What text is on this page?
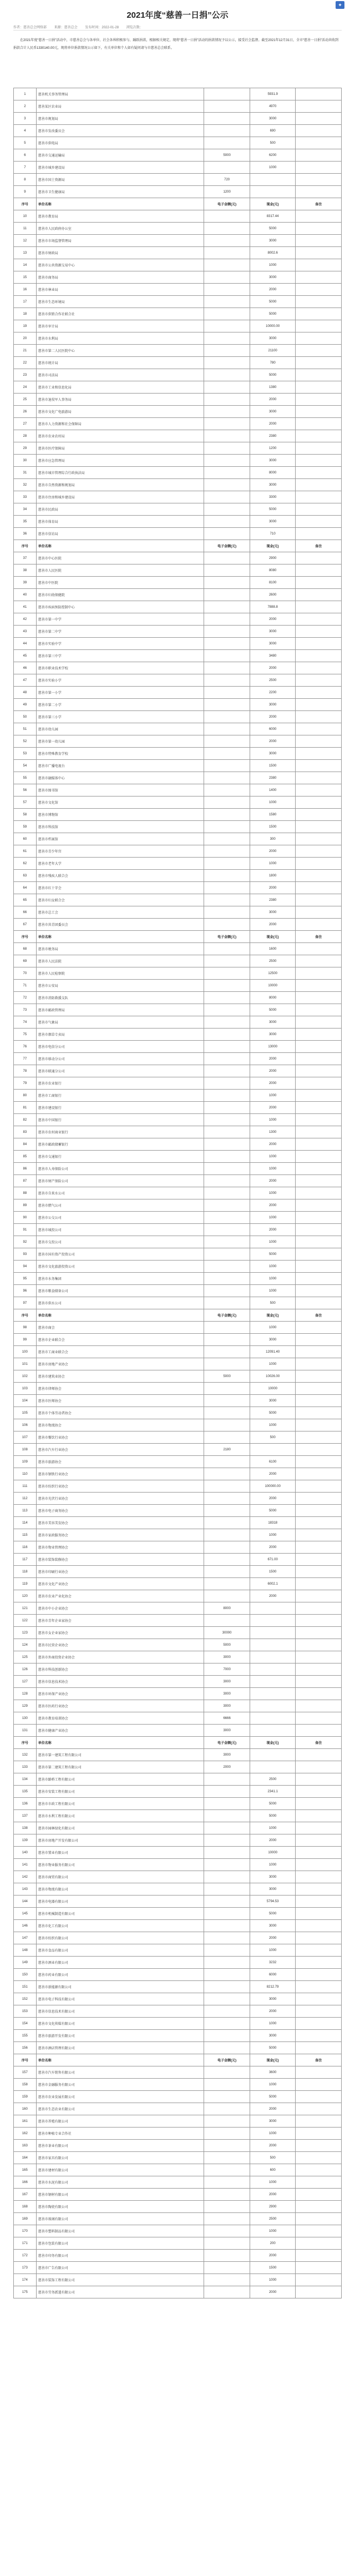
✦
2021年度“慈善一日捐”公示
作者：慈善总会网络部 来源：慈善总会 发布时间：2022-01-28 浏览次数：
在2021年度“慈善一日捐”活动中，市慈善总会与各单位、社会各界积极参与、踊跃捐款，根据相关规定，现将“慈善一日捐”活动的捐款情况予以公示，接受社会监督。截至2021年12月31日，全市“慈善一日捐”活动共收到捐款合计人民币1330140.00元，现将单位捐款情况公示如下，有关单位和个人如有疑问请与市慈善总会联系。
1	慈善机关事务管理局		5931.9	
2	慈善某区农业局		4970	
3	慈善市规划局		3000	
4	慈善市发改委员会		690	
5	慈善市供电局		500	
6	慈善市交通运输局	5000	6200	
7	慈善市城乡建设局		1000	
8	慈善市国土资源局	720		
9	慈善市卫生健康局	1200		
序号	单位名称	电子金额(元)	现金(元)	备注
10	慈善市教育局		8317.44	
11	慈善市人民政府办公室		5000	
12	慈善市市场监督管理局		3000	
13	慈善市财政局		8002.6	
14	慈善市公共资源交易中心		1000	
15	慈善市商务局		3000	
16	慈善市林业局		2000	
17	慈善市生态环境局		5000	
18	慈善市供销合作社联合社		5000	
19	慈善市审计局		10000.00	
20	慈善市水利局		3000	
21	慈善市第二人民医院中心		21100	
22	慈善市统计局		780	
23	慈善市司法局		5000	
24	慈善市工业和信息化局		1380	
25	慈善市退役军人事务局		2000	
26	慈善市文化广电旅游局		3000	
27	慈善市人力资源和社会保障局		2000	
28	慈善市农业农村局		2380	
29	慈善市医疗保障局		1200	
30	慈善市应急管理局		3000	
31	慈善市城市管理综合行政执法局		8000	
32	慈善市自然资源和规划局		3000	
33	慈善市住房和城乡建设局		3300	
34	慈善市民政局		5000	
35	慈善市体育局		3000	
36	慈善市信访局		710	
序号	单位名称	电子金额(元)	现金(元)	备注
37	慈善市中心医院		2900	
38	慈善市人民医院		8080	
39	慈善市中医院		8100	
40	慈善市妇幼保健院		2600	
41	慈善市疾病预防控制中心		7888.8	
42	慈善市第一中学		2000	
43	慈善市第二中学		3000	
44	慈善市实验中学		3000	
45	慈善市第三中学		3480	
46	慈善市职业技术学校		2000	
47	慈善市实验小学		2500	
48	慈善市第一小学		2200	
49	慈善市第二小学		3000	
50	慈善市第三小学		2000	
51	慈善市幼儿园		6000	
52	慈善市第一幼儿园		2000	
53	慈善市特殊教育学校		3000	
54	慈善市广播电视台		1500	
55	慈善市融媒体中心		2380	
56	慈善市图书馆		1400	
57	慈善市文化馆		1000	
58	慈善市博物馆		1580	
59	慈善市科技馆		1500	
60	慈善市档案馆		300	
61	慈善市青少年宫		2000	
62	慈善市老年大学		1000	
63	慈善市残疾人联合会		1800	
64	慈善市红十字会		2000	
65	慈善市妇女联合会		2380	
66	慈善市总工会		3000	
67	慈善市共青团委员会		2000	
序号	单位名称	电子金额(元)	现金(元)	备注
68	慈善市税务局		1600	
69	慈善市人民法院		2500	
70	慈善市人民检察院		12500	
71	慈善市公安局		10000	
72	慈善市消防救援支队		8000	
73	慈善市邮政管理局		5000	
74	慈善市气象局		3000	
75	慈善市烟草专卖局		3000	
76	慈善市电信分公司		13000	
77	慈善市移动分公司		2000	
78	慈善市联通分公司		2000	
79	慈善市农业银行		2000	
80	慈善市工商银行		1000	
81	慈善市建设银行		2000	
82	慈善市中国银行		1000	
83	慈善市农村商业银行		1300	
84	慈善市邮政储蓄银行		2000	
85	慈善市交通银行		1000	
86	慈善市人寿保险公司		1000	
87	慈善市财产保险公司		2000	
88	慈善市自来水公司		1000	
89	慈善市燃气公司		2000	
90	慈善市公交公司		1000	
91	慈善市城投公司		2000	
92	慈善市交投公司		1000	
93	慈善市国有资产投资公司		5000	
94	慈善市文化旅游投资公司		1000	
95	慈善市水务集团		1000	
96	慈善市粮食储备公司		1000	
97	慈善市供水公司		500	
序号	单位名称	电子金额(元)	现金(元)	备注
98	慈善市商会		1000	
99	慈善市企业联合会		3000	
100	慈善市工商业联合会		12091.40	
101	慈善市房地产业协会		1000	
102	慈善市建筑业协会	5000	10026.00	
103	慈善市律师协会		10000	
104	慈善市医师协会		3000	
105	慈善市个体劳动者协会		5000	
106	慈善市物流协会		1000	
107	慈善市餐饮行业协会		500	
108	慈善市汽车行业协会	2180		
109	慈善市旅游协会		6100	
110	慈善市钢铁行业协会		2000	
111	慈善市纺织行业协会		100000.00	
112	慈善市光伏行业协会		2000	
113	慈善市电子商务协会		5000	
114	慈善市美容美发协会		18318	
115	慈善市家政服务协会		1000	
116	慈善市物业管理协会		2000	
117	慈善市装饰装修协会		671.00	
118	慈善市印刷行业协会		1500	
119	慈善市文化产业协会		6002.1	
120	慈善市农业产业化协会		2000	
121	慈善市中小企业协会	8000		
122	慈善市青年企业家协会			
123	慈善市女企业家协会	30000		
124	慈善市民营企业协会	5000		
125	慈善市外商投资企业协会	3000		
126	慈善市科技创新协会	7000		
127	慈善市信息技术协会	3000		
128	慈善市环保产业协会	3000		
129	慈善市医药行业协会	3000		
130	慈善市教育培训协会	6666		
131	慈善市健康产业协会	3000		
序号	单位名称	电子金额(元)	现金(元)	备注
132	慈善市第一建筑工程有限公司	3000		
133	慈善市第二建筑工程有限公司	2000		
134	慈善市路桥工程有限公司		2500	
135	慈善市安装工程有限公司		2341.1	
136	慈善市市政工程有限公司		5000	
137	慈善市水利工程有限公司		5000	
138	慈善市园林绿化有限公司		1000	
139	慈善市房地产开发有限公司		2000	
140	慈善市置业有限公司		10000	
141	慈善市物业服务有限公司		1000	
142	慈善市商贸有限公司		3000	
143	慈善市物流有限公司		3000	
144	慈善市电器有限公司		5794.53	
145	慈善市机械制造有限公司		5000	
146	慈善市化工有限公司		3000	
147	慈善市纺织有限公司		2000	
148	慈善市食品有限公司		1000	
149	慈善市酒业有限公司		3232	
150	慈善市药业有限公司		6000	
151	慈善市新能源有限公司		8212.79	
152	慈善市电子科技有限公司		3000	
153	慈善市信息技术有限公司		2000	
154	慈善市文化传媒有限公司		1000	
155	慈善市旅游开发有限公司		3000	
156	慈善市酒店管理有限公司		5000	
序号	单位名称	电子金额(元)	现金(元)	备注
157	慈善市汽车销售有限公司		3600	
158	慈善市金融服务有限公司		1000	
159	慈善市农业发展有限公司		5000	
160	慈善市生态农业有限公司		2000	
161	慈善市养殖有限公司		3000	
162	慈善市种植专业合作社		1000	
163	慈善市茶业有限公司		2000	
164	慈善市家具有限公司		500	
165	慈善市建材有限公司		600	
166	慈善市水泥有限公司		1000	
167	慈善市钢材有限公司		2000	
168	慈善市陶瓷有限公司		2900	
169	慈善市玻璃有限公司		2500	
170	慈善市塑料制品有限公司		1000	
171	慈善市包装有限公司		200	
172	慈善市印务有限公司		2000	
173	慈善市广告有限公司		1500	
174	慈善市装饰工程有限公司		1000	
175	慈善市劳务派遣有限公司		2000	
